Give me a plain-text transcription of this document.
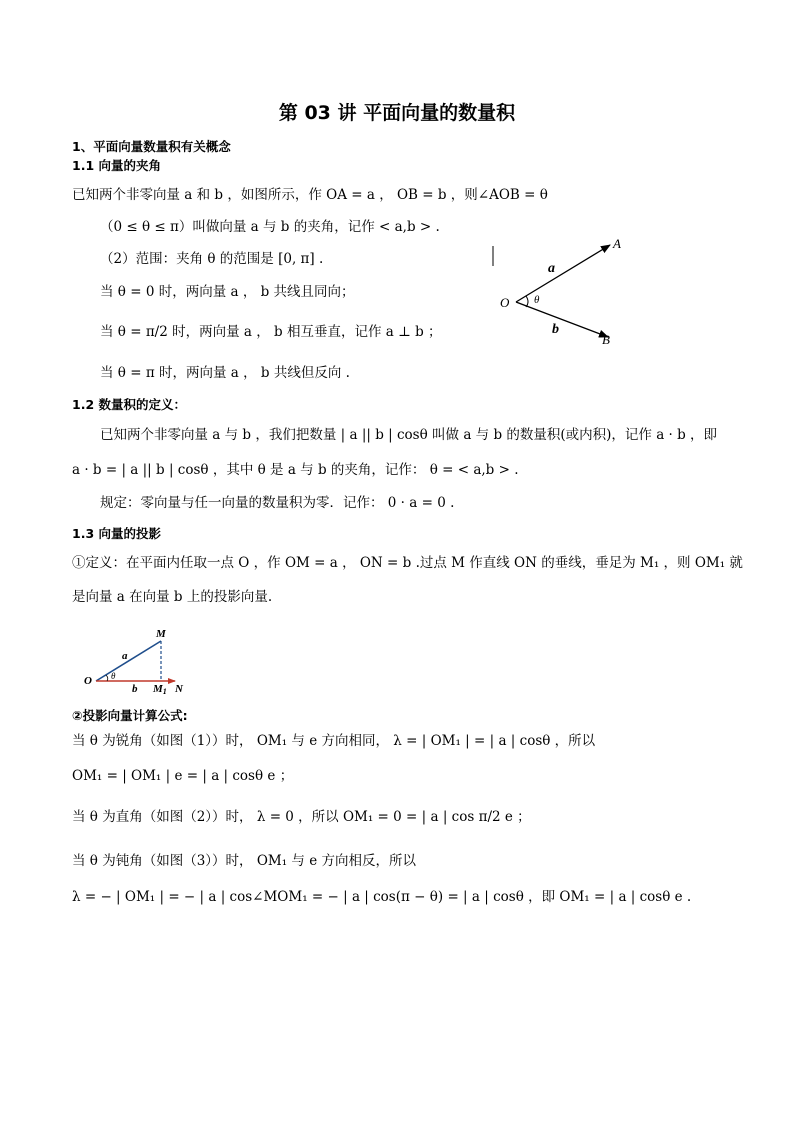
第 03 讲 平面向量的数量积
1、平面向量数量积有关概念
1.1 向量的夹角
已知两个非零向量 a 和 b ，如图所示，作 OA = a ， OB = b ，则∠AOB = θ
（0 ≤ θ ≤ π）叫做向量 a 与 b 的夹角，记作 < a,b > .
（2）范围：夹角 θ 的范围是 [0, π] .
当 θ = 0 时，两向量 a ， b 共线且同向；
当 θ = π/2 时，两向量 a ， b 相互垂直，记作 a ⊥ b ；
当 θ = π 时，两向量 a ， b 共线但反向 .
A
B
O
a
b
θ
1.2 数量积的定义：
已知两个非零向量 a 与 b ，我们把数量 | a || b | cosθ 叫做 a 与 b 的数量积(或内积)，记作 a · b ，即
a · b = | a || b | cosθ ，其中 θ 是 a 与 b 的夹角，记作： θ = < a,b > .
规定：零向量与任一向量的数量积为零．记作： 0 · a = 0 .
1.3 向量的投影
①定义：在平面内任取一点 O ，作 OM = a ， ON = b .过点 M 作直线 ON 的垂线，垂足为 M₁ ，则 OM₁ 就
是向量 a 在向量 b 上的投影向量.
M
O
N
M1
a
b
θ
②投影向量计算公式:
当 θ 为锐角（如图（1））时， OM₁ 与 e 方向相同， λ = | OM₁ | = | a | cosθ ，所以
OM₁ = | OM₁ | e = | a | cosθ e ；
当 θ 为直角（如图（2））时， λ = 0 ，所以 OM₁ = 0 = | a | cos π/2 e ；
当 θ 为钝角（如图（3））时， OM₁ 与 e 方向相反，所以
λ = − | OM₁ | = − | a | cos∠MOM₁ = − | a | cos(π − θ) = | a | cosθ ，即 OM₁ = | a | cosθ e .
